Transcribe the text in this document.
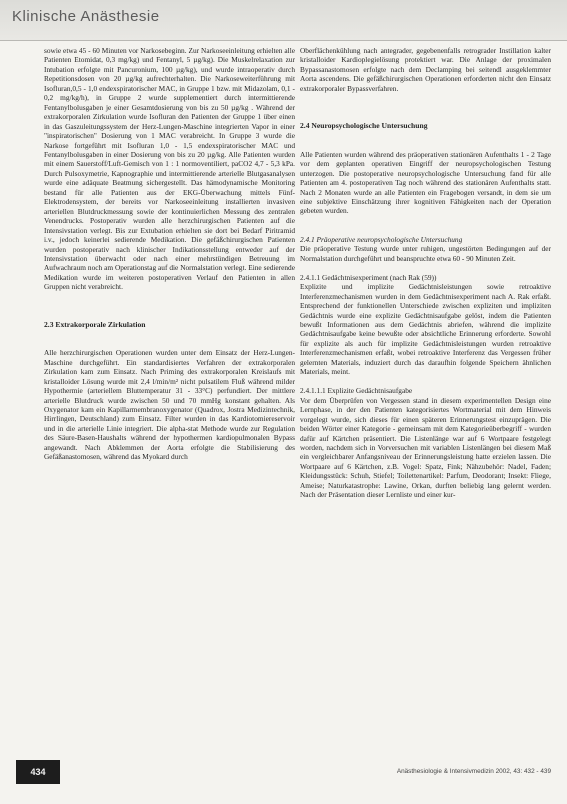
Klinische Anästhesie

sowie etwa 45 - 60 Minuten vor Narkosebeginn. Zur Narkoseeinleitung erhielten alle Patienten Etomidat, 0,3 mg/kg) und Fentanyl, 5 µg/kg). Die Muskelrelaxation zur Intubation erfolgte mit Pancuronium, 100 µg/kg), und wurde intraoperativ durch Repetitionsdosen von 20 µg/kg aufrechterhalten. Die Narkoseweiterführung mit Isofluran,0,5 - 1,0 endexspiratorischer MAC, in Gruppe 1 bzw. mit Midazolam, 0,1 - 0,2 mg/kg/h), in Gruppe 2 wurde supplementiert durch intermittierende Fentanylbolusgaben je einer Gesamtdosierung von bis zu 50 µg/kg . Während der extrakorporalen Zirkulation wurde Isofluran den Patienten der Gruppe 1 über einen in das Gaszuleitungssystem der Herz-Lungen-Maschine integrierten Vapor in einer "inspiratorischen" Dosierung von 1 MAC verabreicht. In Gruppe 3 wurde die Narkose fortgeführt mit Isofluran 1,0 - 1,5 endexspiratorischer MAC und Fentanylbolusgaben in einer Dosierung von bis zu 20 µg/kg. Alle Patienten wurden mit einem Sauerstoff/Luft-Gemisch von 1 : 1 normoventiliert, paCO2 4,7 - 5,3 kPa. Durch Pulsoxymetrie, Kapnographie und intermittierende arterielle Blutgasanalysen wurde eine adäquate Beatmung sichergestellt. Das hämodynamische Monitoring bestand für alle Patienten aus der EKG-Überwachung mittels Fünf-Elektrodensystem, der bereits vor Narkoseeinleitung installierten invasiven arteriellen Blutdruckmessung sowie der kontinuierlichen Messung des zentralen Venendrucks. Postoperativ wurden alle herzchirurgischen Patienten auf die Intensivstation verlegt. Bis zur Extubation erhielten sie dort bei Bedarf Piritramid i.v., jedoch keinerlei sedierende Medikation. Die gefäßchirurgischen Patienten wurden postoperativ nach klinischer Indikationsstellung entweder auf der Intensivstation überwacht oder nach einer mehrstündigen Betreuung im Aufwachraum noch am Operationstag auf die Normalstation verlegt. Eine sedierende Medikation wurde im weiteren postoperativen Verlauf den Patienten in allen Gruppen nicht verabreicht.

2.3 Extrakorporale Zirkulation

Alle herzchirurgischen Operationen wurden unter dem Einsatz der Herz-Lungen-Maschine durchgeführt. Ein standardisiertes Verfahren der extrakorporalen Zirkulation kam zum Einsatz. Nach Priming des extrakorporalen Kreislaufs mit kristalloider Lösung wurde mit 2,4 l/min/m² nicht pulsatilem Fluß während milder Hypothermie (arteriellem Bluttemperatur 31 - 33°C) perfundiert. Der mittlere arterielle Blutdruck wurde zwischen 50 und 70 mmHg konstant gehalten. Als Oxygenator kam ein Kapillarmembranoxygenator (Quadrox, Jostra Medizintechnik, Hirrlingen, Deutschland) zum Einsatz. Filter wurden in das Kardiotomiereservoir und in die arterielle Linie integriert. Die alpha-stat Methode wurde zur Regulation des Säure-Basen-Haushalts während der hypothermen kardiopulmonalen Bypass angewandt. Nach Abklemmen der Aorta erfolgte die Stabilisierung des Gefäßanastomosen, während das Myokard durch

Oberflächenkühlung nach antegrader, gegebenenfalls retrograder Instillation kalter kristalloider Kardioplegielösung protektiert war. Die Anlage der proximalen Bypassanastomosen erfolgte nach dem Declamping bei seitendl ausgeklemmter Aorta ascendens. Die gefäßchirurgischen Operationen erforderten nicht den Einsatz extrakorporaler Bypassverfahren.

2.4 Neuropsychologische Untersuchung

Alle Patienten wurden während des präoperativen stationären Aufenthalts 1 - 2 Tage vor dem geplanten operativen Eingriff der neuropsychologischen Testung unterzogen. Die postoperative neuropsychologische Untersuchung fand für alle Patienten am 4. postoperativen Tag noch während des stationären Aufenthalts statt. Nach 2 Monaten wurde an alle Patienten ein Fragebogen versandt, in dem sie um eine subjektive Einschätzung ihrer kognitiven Fähigkeiten nach der Operation gebeten wurden.

2.4.1 Präoperative neuropsychologische Untersuchung

Die präoperative Testung wurde unter ruhigen, ungestörten Bedingungen auf der Normalstation durchgeführt und beanspruchte etwa 60 - 90 Minuten Zeit.

2.4.1.1 Gedächtnisexperiment (nach Rak (59))

Explizite und implizite Gedächtnisleistungen sowie retroaktive Interferenzmechanismen wurden in dem Gedächtnisexperiment nach A. Rak erfaßt. Entsprechend der funktionellen Unterschiede zwischen expliziten und impliziten Gedächtnis wurde eine explizite Gedächtnisaufgabe gelöst, indem die Patienten bewußt Informationen aus dem Gedächtnis abriefen, während die implizite Gedächtnisaufgabe keine bewußte oder absichtliche Erinnerung erforderte. Sowohl für explizite als auch für implizite Gedächtnisleistungen wurden retroaktive Interferenzmechanismen erfaßt, wobei retroaktive Interferenz das Vergessen früher gelernten Materials, induziert durch das daraufhin folgende Speichern ähnlichen Materials, meint.

2.4.1.1.1 Explizite Gedächtnisaufgabe

Vor dem Überprüfen von Vergessen stand in diesem experimentellen Design eine Lernphase, in der den Patienten kategorisiertes Wortmaterial mit dem Hinweis vorgelegt wurde, sich dieses für einen späteren Erinnerungstest einzuprägen. Die beiden Wörter einer Kategorie - gemeinsam mit dem Kategorieüberbegriff - wurden dafür auf Kärtchen präsentiert. Die Listenlänge war auf 6 Wortpaare festgelegt worden, nachdem sich in Vorversuchen mit variablen Listenlängen bei diesem Maß ein vergleichbarer Anfangsniveau der Erinnerungsleistung hatte erzielen lassen. Die Wortpaare auf 6 Kärtchen, z.B. Vogel: Spatz, Fink; Nähzubehör: Nadel, Faden; Kleidungsstück: Schuh, Stiefel; Toilettenartikel: Parfum, Deodorant; Insekt: Fliege, Ameise; Naturkatastrophe: Lawine, Orkan, durften beliebig lang gelernt werden. Nach der Präsentation dieser Lernliste und einer kur-

434	Anästhesiologie & Intensivmedizin 2002, 43: 432 - 439
